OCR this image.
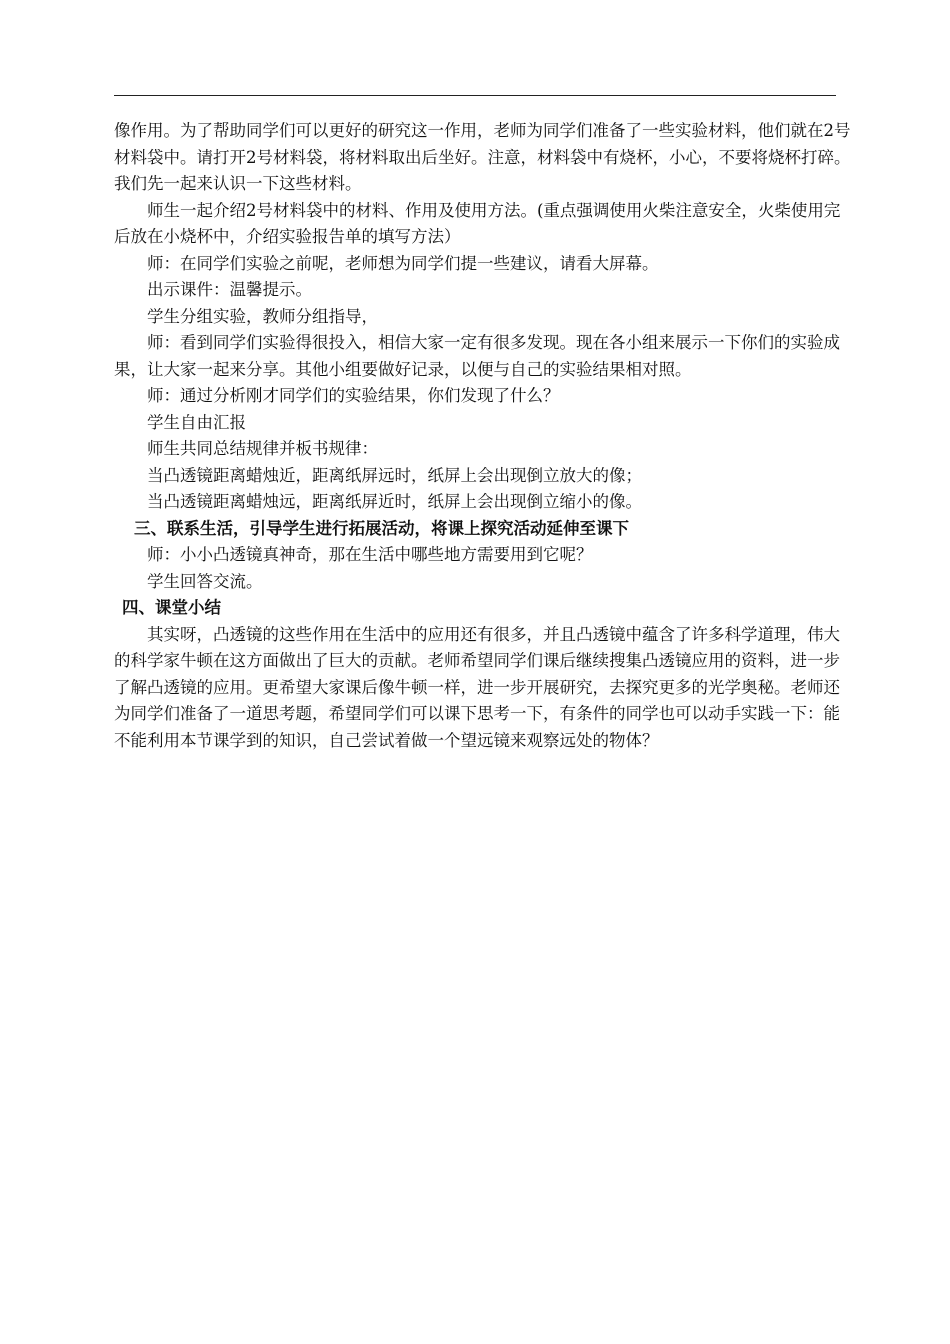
像作用。为了帮助同学们可以更好的研究这一作用，老师为同学们准备了一些实验材料，他们就在2号材料袋中。请打开2号材料袋，将材料取出后坐好。注意，材料袋中有烧杯，小心，不要将烧杯打碎。我们先一起来认识一下这些材料。

师生一起介绍2号材料袋中的材料、作用及使用方法。(重点强调使用火柴注意安全，火柴使用完后放在小烧杯中，介绍实验报告单的填写方法）

师：在同学们实验之前呢，老师想为同学们提一些建议，请看大屏幕。

出示课件：温馨提示。

学生分组实验，教师分组指导，

师：看到同学们实验得很投入，相信大家一定有很多发现。现在各小组来展示一下你们的实验成果，让大家一起来分享。其他小组要做好记录，以便与自己的实验结果相对照。

师：通过分析刚才同学们的实验结果，你们发现了什么？

学生自由汇报

师生共同总结规律并板书规律：

当凸透镜距离蜡烛近，距离纸屏远时，纸屏上会出现倒立放大的像；

当凸透镜距离蜡烛远，距离纸屏近时，纸屏上会出现倒立缩小的像。

三、联系生活，引导学生进行拓展活动，将课上探究活动延伸至课下

师：小小凸透镜真神奇，那在生活中哪些地方需要用到它呢？

学生回答交流。

四、课堂小结

其实呀，凸透镜的这些作用在生活中的应用还有很多，并且凸透镜中蕴含了许多科学道理，伟大的科学家牛顿在这方面做出了巨大的贡献。老师希望同学们课后继续搜集凸透镜应用的资料，进一步了解凸透镜的应用。更希望大家课后像牛顿一样，进一步开展研究，去探究更多的光学奥秘。老师还为同学们准备了一道思考题，希望同学们可以课下思考一下，有条件的同学也可以动手实践一下：能不能利用本节课学到的知识，自己尝试着做一个望远镜来观察远处的物体？
